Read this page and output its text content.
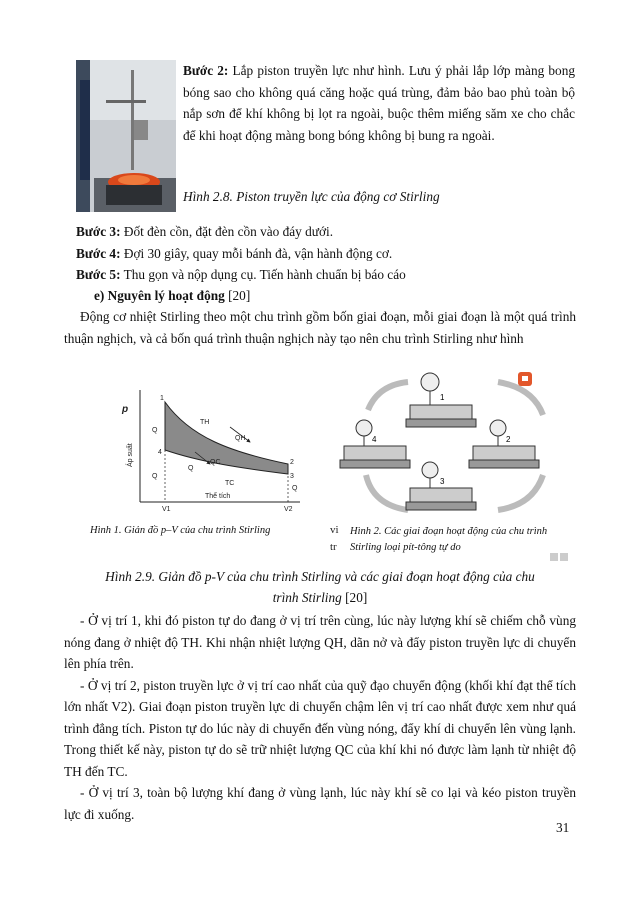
Bước 2: Lắp piston truyền lực như hình. Lưu ý phải lắp lớp màng bong bóng sao cho không quá căng hoặc quá trùng, đảm bảo bao phủ toàn bộ nắp sơn để khí không bị lọt ra ngoài, buộc thêm miếng săm xe cho chắc để khi hoạt động màng bong bóng không bị bung ra ngoài.
Hình 2.8. Piston truyền lực của động cơ Stirling
Bước 3: Đốt đèn cồn, đặt đèn cồn vào đáy dưới.
Bước 4: Đợi 30 giây, quay mỗi bánh đà, vận hành động cơ.
Bước 5: Thu gọn và nộp dụng cụ. Tiến hành chuẩn bị báo cáo
e) Nguyên lý hoạt động [20]
Động cơ nhiệt Stirling theo một chu trình gồm bốn giai đoạn, mỗi giai đoạn là một quá trình thuận nghịch, và cả bốn quá trình thuận nghịch này tạo nên chu trình Stirling như hình
p
Áp suất
Thể tích
V1	V2
1
2
3
4
TH
TC
QH
QC
Q
Q
Q
Q
1
2
3
4
Hình 1. Giản đồ p–V của chu trình Stirling	vi
tr
Hình 2. Các giai đoạn hoạt động của chu trình Stirling loại pít-tông tự do
Hình 2.9. Giản đồ p-V của chu trình Stirling và các giai đoạn hoạt động của chu
trình Stirling [20]

- Ở vị trí 1, khi đó piston tự do đang ở vị trí trên cùng, lúc này lượng khí sẽ chiếm chỗ vùng nóng đang ở nhiệt độ TH. Khi nhận nhiệt lượng QH, dãn nở và đẩy piston truyền lực di chuyển lên phía trên.

- Ở vị trí 2, piston truyền lực ở vị trí cao nhất của quỹ đạo chuyển động (khối khí đạt thể tích lớn nhất V2). Giai đoạn piston truyền lực di chuyển chậm lên vị trí cao nhất được xem như quá trình đẳng tích. Piston tự do lúc này di chuyển đến vùng nóng, đẩy khí di chuyển lên vùng lạnh. Trong thiết kế này, piston tự do sẽ trữ nhiệt lượng QC của khí khi nó được làm lạnh từ nhiệt độ TH đến TC.

- Ở vị trí 3, toàn bộ lượng khí đang ở vùng lạnh, lúc này khí sẽ co lại và kéo piston truyền lực đi xuống.

31
